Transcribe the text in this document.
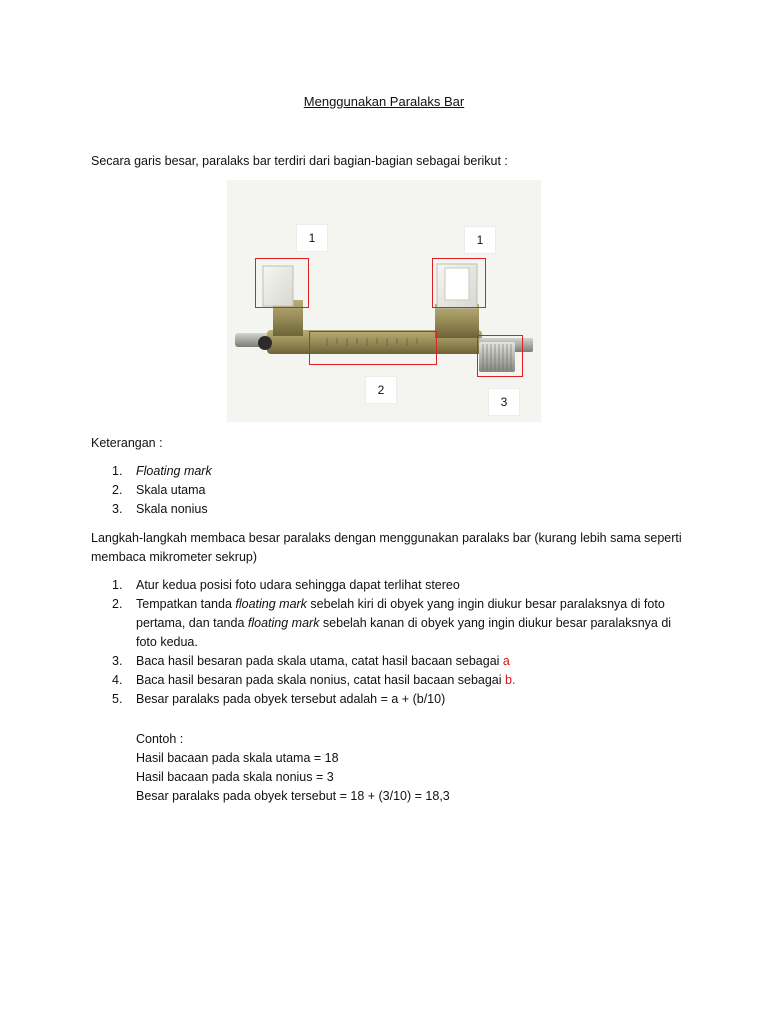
Menggunakan Paralaks Bar
Secara garis besar, paralaks bar terdiri dari bagian-bagian sebagai berikut :
1	1
2
3
Keterangan :
1. Floating mark
2. Skala utama
3. Skala nonius
Langkah-langkah membaca besar paralaks dengan menggunakan paralaks bar (kurang lebih sama seperti
membaca mikrometer sekrup)
1. Atur kedua posisi foto udara sehingga dapat terlihat stereo
2. Tempatkan tanda floating mark sebelah kiri di obyek yang ingin diukur besar paralaksnya di foto
pertama, dan tanda floating mark sebelah kanan di obyek yang ingin diukur besar paralaksnya di
foto kedua.
3. Baca hasil besaran pada skala utama, catat hasil bacaan sebagai a
4. Baca hasil besaran pada skala nonius, catat hasil bacaan sebagai b.
5. Besar paralaks pada obyek tersebut adalah = a + (b/10)
Contoh :
Hasil bacaan pada skala utama = 18
Hasil bacaan pada skala nonius = 3
Besar paralaks pada obyek tersebut = 18 + (3/10) = 18,3
